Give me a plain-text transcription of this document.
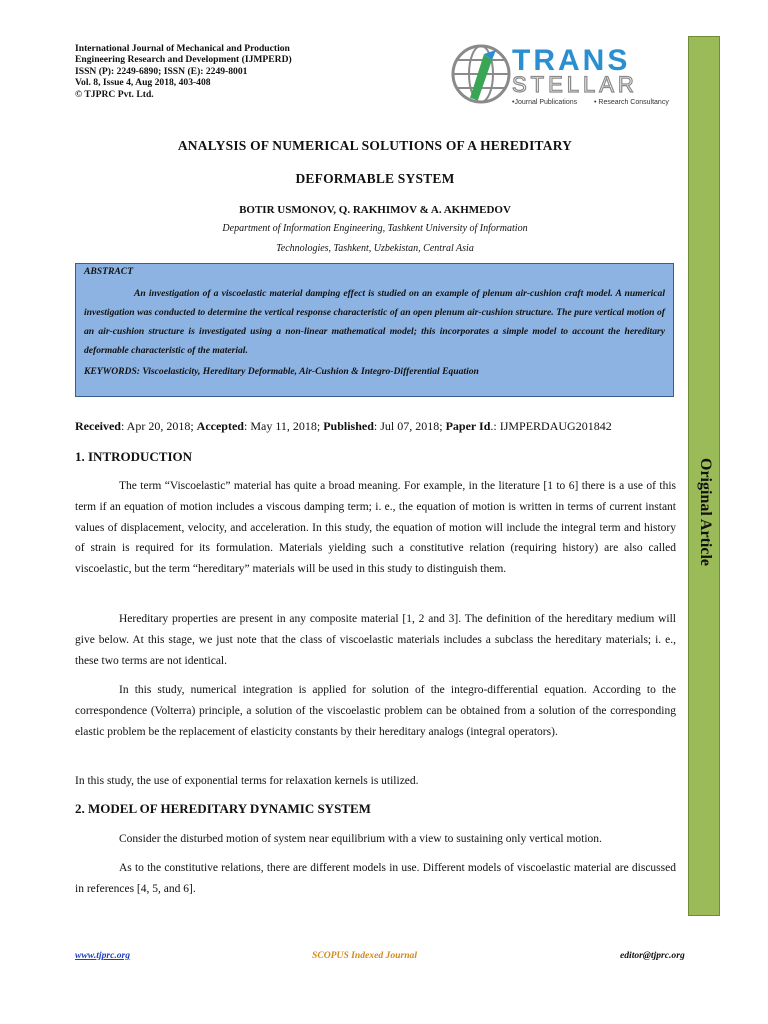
International Journal of Mechanical and Production
Engineering Research and Development (IJMPERD)
ISSN (P): 2249-6890; ISSN (E): 2249-8001
Vol. 8, Issue 4, Aug 2018, 403-408
© TJPRC Pvt. Ltd.
TRANS
STELLAR
•Journal Publications • Research Consultancy
Original Article
ANALYSIS OF NUMERICAL SOLUTIONS OF A HEREDITARY
DEFORMABLE SYSTEM
BOTIR USMONOV, Q. RAKHIMOV & A. AKHMEDOV
Department of Information Engineering, Tashkent University of Information
Technologies, Tashkent, Uzbekistan, Central Asia

ABSTRACT

An investigation of a viscoelastic material damping effect is studied on an example of plenum air-cushion craft model. A numerical investigation was conducted to determine the vertical response characteristic of an open plenum air-cushion structure. The pure vertical motion of an air-cushion structure is investigated using a non-linear mathematical model; this incorporates a simple model to account the hereditary deformable characteristic of the material.

KEYWORDS: Viscoelasticity, Hereditary Deformable, Air-Cushion & Integro-Differential Equation

Received: Apr 20, 2018; Accepted: May 11, 2018; Published: Jul 07, 2018; Paper Id.: IJMPERDAUG201842
1. INTRODUCTION

The term “Viscoelastic” material has quite a broad meaning. For example, in the literature [1 to 6] there is a use of this term if an equation of motion includes a viscous damping term; i. e., the equation of motion is written in terms of current instant values of displacement, velocity, and acceleration. In this study, the equation of motion will include the integral term and history of strain is required for its formulation. Materials yielding such a constitutive relation (requiring history) are also called viscoelastic, but the term “hereditary” materials will be used in this study to distinguish them.

Hereditary properties are present in any composite material [1, 2 and 3]. The definition of the hereditary medium will give below. At this stage, we just note that the class of viscoelastic materials includes a subclass the hereditary materials; i. e., these two terms are not identical.

In this study, numerical integration is applied for solution of the integro-differential equation. According to the correspondence (Volterra) principle, a solution of the viscoelastic problem can be obtained from a solution of the corresponding elastic problem be the replacement of elasticity constants by their hereditary analogs (integral operators).

In this study, the use of exponential terms for relaxation kernels is utilized.

2. MODEL OF HEREDITARY DYNAMIC SYSTEM

Consider the disturbed motion of system near equilibrium with a view to sustaining only vertical motion.

As to the constitutive relations, there are different models in use. Different models of viscoelastic material are discussed in references [4, 5, and 6].

www.tjprc.org	SCOPUS Indexed Journal	editor@tjprc.org
